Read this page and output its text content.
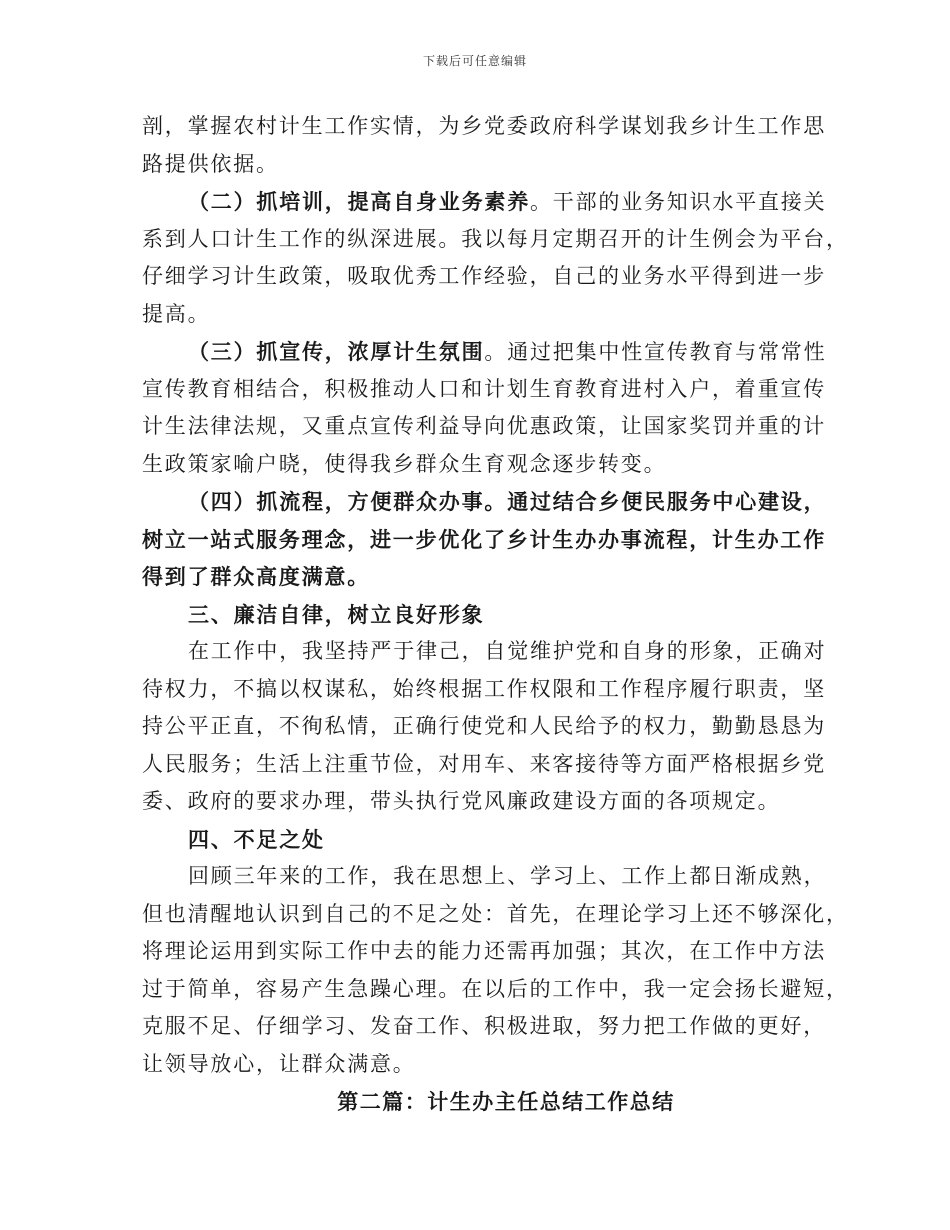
下载后可任意编辑
剖，掌握农村计生工作实情，为乡党委政府科学谋划我乡计生工作思
路提供依据。
（二）抓培训，提高自身业务素养。干部的业务知识水平直接关
系到人口计生工作的纵深进展。我以每月定期召开的计生例会为平台，
仔细学习计生政策，吸取优秀工作经验，自己的业务水平得到进一步
提高。
（三）抓宣传，浓厚计生氛围。通过把集中性宣传教育与常常性
宣传教育相结合，积极推动人口和计划生育教育进村入户，着重宣传
计生法律法规，又重点宣传利益导向优惠政策，让国家奖罚并重的计
生政策家喻户晓，使得我乡群众生育观念逐步转变。
（四）抓流程，方便群众办事。通过结合乡便民服务中心建设，
树立一站式服务理念，进一步优化了乡计生办办事流程，计生办工作
得到了群众高度满意。
三、廉洁自律，树立良好形象
在工作中，我坚持严于律己，自觉维护党和自身的形象，正确对
待权力，不搞以权谋私，始终根据工作权限和工作程序履行职责，坚
持公平正直，不徇私情，正确行使党和人民给予的权力，勤勤恳恳为
人民服务；生活上注重节俭，对用车、来客接待等方面严格根据乡党
委、政府的要求办理，带头执行党风廉政建设方面的各项规定。
四、不足之处
回顾三年来的工作，我在思想上、学习上、工作上都日渐成熟，
但也清醒地认识到自己的不足之处：首先，在理论学习上还不够深化，
将理论运用到实际工作中去的能力还需再加强；其次，在工作中方法
过于简单，容易产生急躁心理。在以后的工作中，我一定会扬长避短，
克服不足、仔细学习、发奋工作、积极进取，努力把工作做的更好，
让领导放心，让群众满意。
第二篇：计生办主任总结工作总结
